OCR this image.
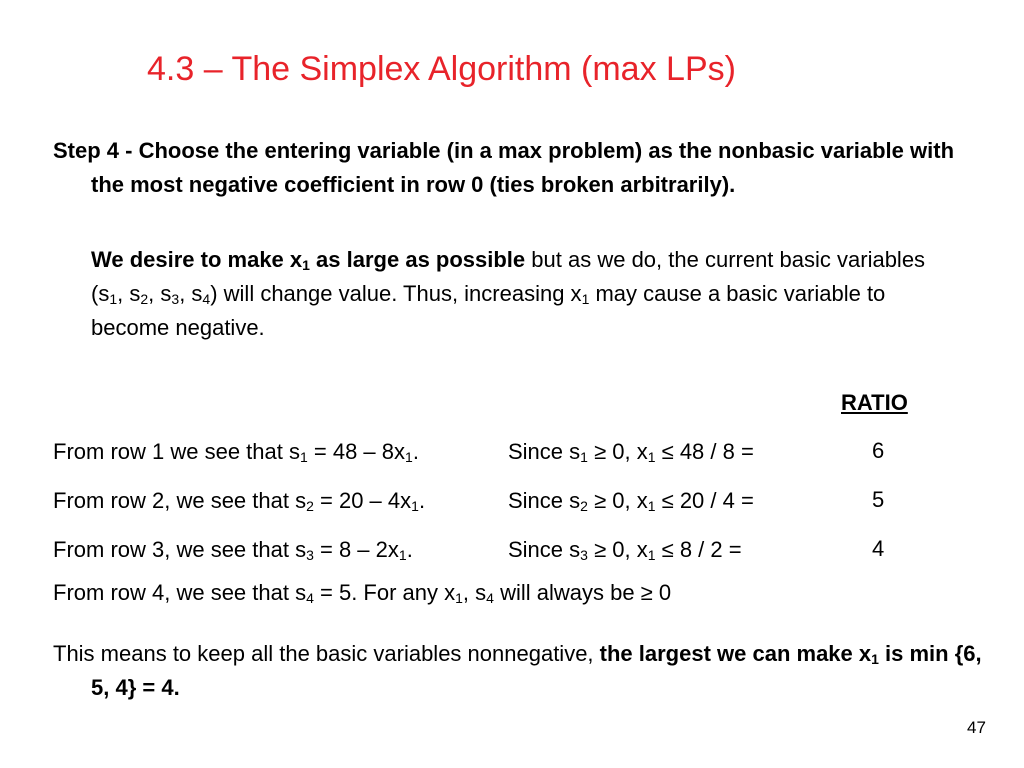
4.3 – The Simplex Algorithm (max LPs)
Step 4 - Choose the entering variable (in a max problem) as the nonbasic variable with the most negative coefficient in row 0 (ties broken arbitrarily).
We desire to make $x_1$ as large as possible but as we do, the current basic variables ($s_1$, $s_2$, $s_3$, $s_4$) will change value. Thus, increasing $x_1$ may cause a basic variable to become negative.
RATIO
From row 1 we see that $s_1 = 48 - 8x_1$.	Since $s_1 \ge 0$, $x_1 \le 48 / 8$ =	6
From row 2, we see that $s_2 = 20 - 4x_1$.	Since $s_2 \ge 0$, $x_1 \le 20 / 4$ =	5
From row 3, we see that $s_3 = 8 - 2x_1$.	Since $s_3 \ge 0$, $x_1 \le 8 / 2$ =	4
From row 4, we see that $s_4 = 5$. For any $x_1$, $s_4$ will always be ≥ 0
This means to keep all the basic variables nonnegative, the largest we can make $x_1$ is min {6, 5, 4} = 4.
47
